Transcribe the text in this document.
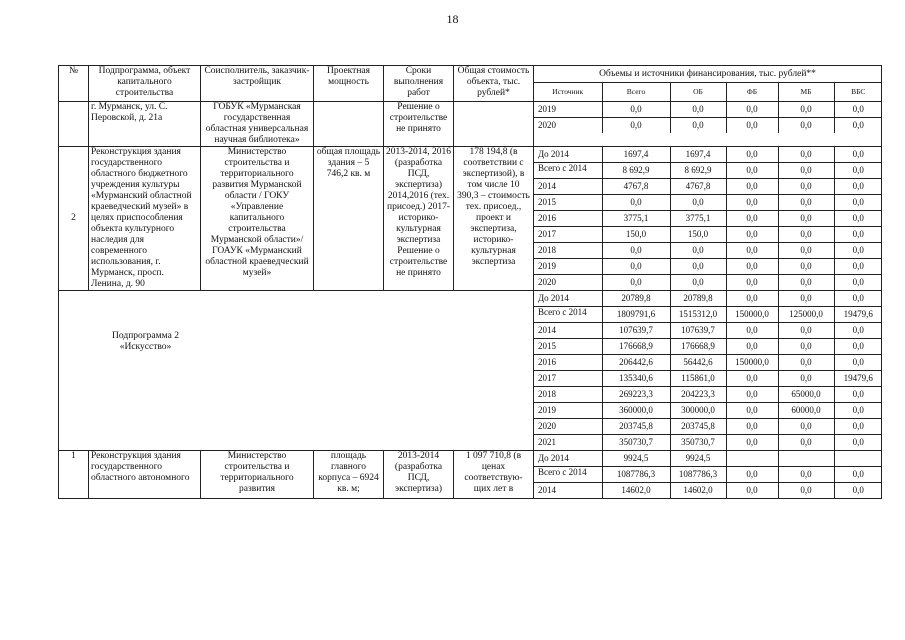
18
№	Подпрограмма, объект капитального строительства	Соисполнитель, заказчик-застройщик	Проектная мощность	Сроки выполнения работ	Общая стоимость объекта, тыс. рублей*	
Объемы и источники финансирования, тыс. рублей**
Источник	Всего	ОБ	ФБ	МБ	ВБС

	г. Мурманск, ул. С. Перовской, д. 21а	ГОБУК «Мурманская государственная областная универсальная научная библиотека»		Решение о строительстве не принято		
2019	0,0	0,0	0,0	0,0	0,0
2020	0,0	0,0	0,0	0,0	0,0

2	Реконструкция здания государственного областного бюджетного учреждения культуры «Мурманский областной краеведческий музей» в целях приспособления объекта культурного наследия для современного использования, г. Мурманск, просп. Ленина, д. 90	Министерство строительства и территориального развития Мурманской области / ГОКУ «Управление капитального строительства Мурманской области»/ ГОАУК «Мурманский областной краеведческий музей»	общая площадь здания – 5 746,2 кв. м	2013-2014, 2016 (разработка ПСД, экспертиза) 2014,2016 (тех. присоед.) 2017- историко-культурная экспертиза Решение о строительстве не принято	178 194,8 (в соответствии с экспертизой), в том числе 10 390,3 – стоимость тех. присоед., проект и экспертиза, историко-культурная экспертиза	
До 2014	1697,4	1697,4	0,0	0,0	0,0
Всего с 2014	8 692,9	8 692,9	0,0	0,0	0,0
2014	4767,8	4767,8	0,0	0,0	0,0
2015	0,0	0,0	0,0	0,0	0,0
2016	3775,1	3775,1	0,0	0,0	0,0
2017	150,0	150,0	0,0	0,0	0,0
2018	0,0	0,0	0,0	0,0	0,0
2019	0,0	0,0	0,0	0,0	0,0
2020	0,0	0,0	0,0	0,0	0,0

Подпрограмма 2 «Искусство»

До 2014	20789,8	20789,8	0,0	0,0	0,0
Всего с 2014	1809791,6	1515312,0	150000,0	125000,0	19479,6
2014	107639,7	107639,7	0,0	0,0	0,0
2015	176668,9	176668,9	0,0	0,0	0,0
2016	206442,6	56442,6	150000,0	0,0	0,0
2017	135340,6	115861,0	0,0	0,0	19479,6
2018	269223,3	204223,3	0,0	65000,0	0,0
2019	360000,0	300000,0	0,0	60000,0	0,0
2020	203745,8	203745,8	0,0	0,0	0,0
2021	350730,7	350730,7	0,0	0,0	0,0

1	Реконструкция здания государственного областного автономного	Министерство строительства и территориального развития	площадь главного корпуса – 6924 кв. м;	2013-2014 (разработка ПСД, экспертиза)	1 097 710,8 (в ценах соответствую-щих лет в	
До 2014	9924,5	9924,5			
Всего с 2014	1087786,3	1087786,3	0,0	0,0	0,0
2014	14602,0	14602,0	0,0	0,0	0,0
